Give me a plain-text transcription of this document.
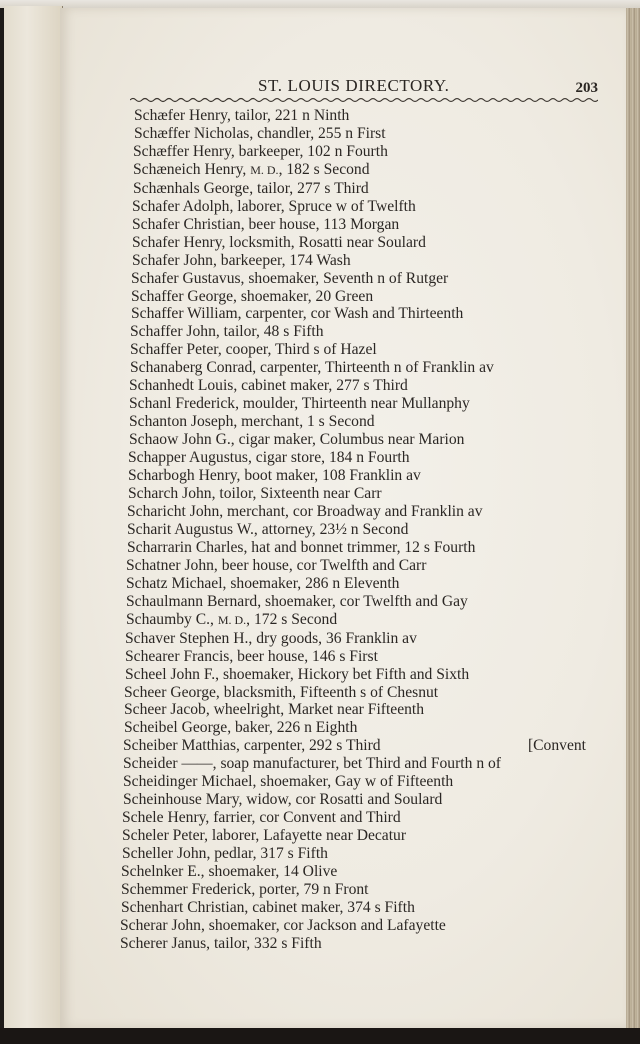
ST. LOUIS DIRECTORY.	203
Schæfer Henry, tailor, 221 n Ninth
Schæffer Nicholas, chandler, 255 n First
Schæffer Henry, barkeeper, 102 n Fourth
Schæneich Henry, M. D., 182 s Second
Schænhals George, tailor, 277 s Third
Schafer Adolph, laborer, Spruce w of Twelfth
Schafer Christian, beer house, 113 Morgan
Schafer Henry, locksmith, Rosatti near Soulard
Schafer John, barkeeper, 174 Wash
Schafer Gustavus, shoemaker, Seventh n of Rutger
Schaffer George, shoemaker, 20 Green
Schaffer William, carpenter, cor Wash and Thirteenth
Schaffer John, tailor, 48 s Fifth
Schaffer Peter, cooper, Third s of Hazel
Schanaberg Conrad, carpenter, Thirteenth n of Franklin av
Schanhedt Louis, cabinet maker, 277 s Third
Schanl Frederick, moulder, Thirteenth near Mullanphy
Schanton Joseph, merchant, 1 s Second
Schaow John G., cigar maker, Columbus near Marion
Schapper Augustus, cigar store, 184 n Fourth
Scharbogh Henry, boot maker, 108 Franklin av
Scharch John, toilor, Sixteenth near Carr
Scharicht John, merchant, cor Broadway and Franklin av
Scharit Augustus W., attorney, 23½ n Second
Scharrarin Charles, hat and bonnet trimmer, 12 s Fourth
Schatner John, beer house, cor Twelfth and Carr
Schatz Michael, shoemaker, 286 n Eleventh
Schaulmann Bernard, shoemaker, cor Twelfth and Gay
Schaumby C., M. D., 172 s Second
Schaver Stephen H., dry goods, 36 Franklin av
Schearer Francis, beer house, 146 s First
Scheel John F., shoemaker, Hickory bet Fifth and Sixth
Scheer George, blacksmith, Fifteenth s of Chesnut
Scheer Jacob, wheelright, Market near Fifteenth
Scheibel George, baker, 226 n Eighth
Scheiber Matthias, carpenter, 292 s Third	[Convent
Scheider ——, soap manufacturer, bet Third and Fourth n of
Scheidinger Michael, shoemaker, Gay w of Fifteenth
Scheinhouse Mary, widow, cor Rosatti and Soulard
Schele Henry, farrier, cor Convent and Third
Scheler Peter, laborer, Lafayette near Decatur
Scheller John, pedlar, 317 s Fifth
Schelnker E., shoemaker, 14 Olive
Schemmer Frederick, porter, 79 n Front
Schenhart Christian, cabinet maker, 374 s Fifth
Scherar John, shoemaker, cor Jackson and Lafayette
Scherer Janus, tailor, 332 s Fifth
